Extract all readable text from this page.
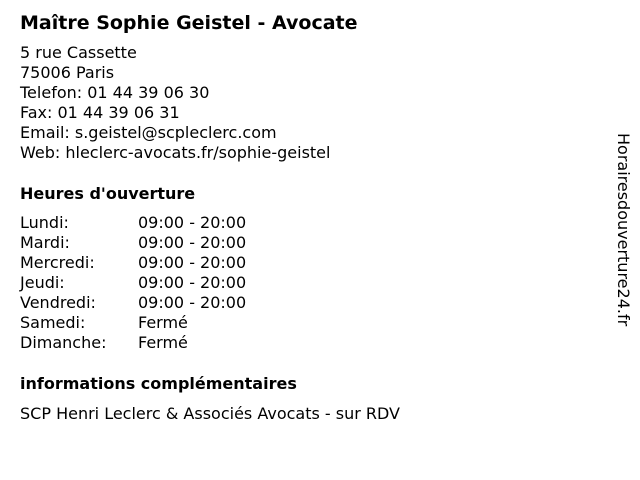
Maître Sophie Geistel - Avocate
5 rue Cassette
75006 Paris
Telefon: 01 44 39 06 30
Fax: 01 44 39 06 31
Email: s.geistel@scpleclerc.com
Web: hleclerc-avocats.fr/sophie-geistel
Heures d'ouverture
Lundi:	09:00 - 20:00
Mardi:	09:00 - 20:00
Mercredi:	09:00 - 20:00
Jeudi:	09:00 - 20:00
Vendredi:	09:00 - 20:00
Samedi:	Fermé
Dimanche: Fermé
informations complémentaires
SCP Henri Leclerc & Associés Avocats - sur RDV
Horairesdouverture24.fr
